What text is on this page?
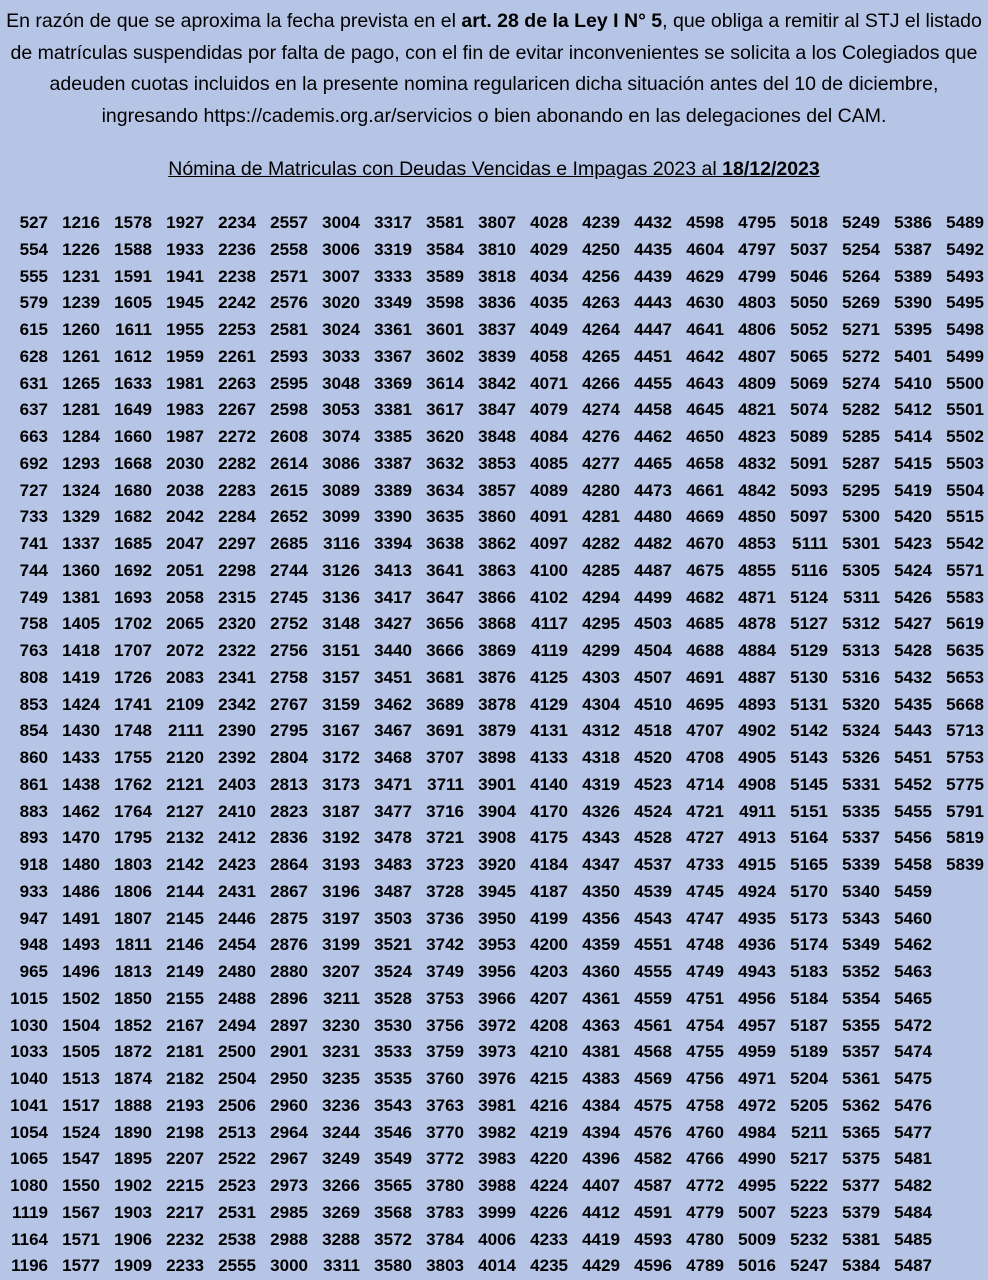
En razón de que se aproxima la fecha prevista en el art. 28 de la Ley I N° 5, que obliga a remitir al STJ el listado de matrículas suspendidas por falta de pago, con el fin de evitar inconvenientes se solicita a los Colegiados que adeuden cuotas incluidos en la presente nomina regularicen dicha situación antes del 10 de diciembre, ingresando https://cademis.org.ar/servicios o bien abonando en las delegaciones del CAM.

Nómina de Matriculas con Deudas Vencidas e Impagas 2023 al 18/12/2023
527
554
555
579
615
628
631
637
663
692
727
733
741
744
749
758
763
808
853
854
860
861
883
893
918
933
947
948
965
1015
1030
1033
1040
1041
1054
1065
1080
1119
1164
1196
1216
1226
1231
1239
1260
1261
1265
1281
1284
1293
1324
1329
1337
1360
1381
1405
1418
1419
1424
1430
1433
1438
1462
1470
1480
1486
1491
1493
1496
1502
1504
1505
1513
1517
1524
1547
1550
1567
1571
1577
1578
1588
1591
1605
1611
1612
1633
1649
1660
1668
1680
1682
1685
1692
1693
1702
1707
1726
1741
1748
1755
1762
1764
1795
1803
1806
1807
1811
1813
1850
1852
1872
1874
1888
1890
1895
1902
1903
1906
1909
1927
1933
1941
1945
1955
1959
1981
1983
1987
2030
2038
2042
2047
2051
2058
2065
2072
2083
2109
2111
2120
2121
2127
2132
2142
2144
2145
2146
2149
2155
2167
2181
2182
2193
2198
2207
2215
2217
2232
2233
2234
2236
2238
2242
2253
2261
2263
2267
2272
2282
2283
2284
2297
2298
2315
2320
2322
2341
2342
2390
2392
2403
2410
2412
2423
2431
2446
2454
2480
2488
2494
2500
2504
2506
2513
2522
2523
2531
2538
2555
2557
2558
2571
2576
2581
2593
2595
2598
2608
2614
2615
2652
2685
2744
2745
2752
2756
2758
2767
2795
2804
2813
2823
2836
2864
2867
2875
2876
2880
2896
2897
2901
2950
2960
2964
2967
2973
2985
2988
3000
3004
3006
3007
3020
3024
3033
3048
3053
3074
3086
3089
3099
3116
3126
3136
3148
3151
3157
3159
3167
3172
3173
3187
3192
3193
3196
3197
3199
3207
3211
3230
3231
3235
3236
3244
3249
3266
3269
3288
3311
3317
3319
3333
3349
3361
3367
3369
3381
3385
3387
3389
3390
3394
3413
3417
3427
3440
3451
3462
3467
3468
3471
3477
3478
3483
3487
3503
3521
3524
3528
3530
3533
3535
3543
3546
3549
3565
3568
3572
3580
3581
3584
3589
3598
3601
3602
3614
3617
3620
3632
3634
3635
3638
3641
3647
3656
3666
3681
3689
3691
3707
3711
3716
3721
3723
3728
3736
3742
3749
3753
3756
3759
3760
3763
3770
3772
3780
3783
3784
3803
3807
3810
3818
3836
3837
3839
3842
3847
3848
3853
3857
3860
3862
3863
3866
3868
3869
3876
3878
3879
3898
3901
3904
3908
3920
3945
3950
3953
3956
3966
3972
3973
3976
3981
3982
3983
3988
3999
4006
4014
4028
4029
4034
4035
4049
4058
4071
4079
4084
4085
4089
4091
4097
4100
4102
4117
4119
4125
4129
4131
4133
4140
4170
4175
4184
4187
4199
4200
4203
4207
4208
4210
4215
4216
4219
4220
4224
4226
4233
4235
4239
4250
4256
4263
4264
4265
4266
4274
4276
4277
4280
4281
4282
4285
4294
4295
4299
4303
4304
4312
4318
4319
4326
4343
4347
4350
4356
4359
4360
4361
4363
4381
4383
4384
4394
4396
4407
4412
4419
4429
4432
4435
4439
4443
4447
4451
4455
4458
4462
4465
4473
4480
4482
4487
4499
4503
4504
4507
4510
4518
4520
4523
4524
4528
4537
4539
4543
4551
4555
4559
4561
4568
4569
4575
4576
4582
4587
4591
4593
4596
4598
4604
4629
4630
4641
4642
4643
4645
4650
4658
4661
4669
4670
4675
4682
4685
4688
4691
4695
4707
4708
4714
4721
4727
4733
4745
4747
4748
4749
4751
4754
4755
4756
4758
4760
4766
4772
4779
4780
4789
4795
4797
4799
4803
4806
4807
4809
4821
4823
4832
4842
4850
4853
4855
4871
4878
4884
4887
4893
4902
4905
4908
4911
4913
4915
4924
4935
4936
4943
4956
4957
4959
4971
4972
4984
4990
4995
5007
5009
5016
5018
5037
5046
5050
5052
5065
5069
5074
5089
5091
5093
5097
5111
5116
5124
5127
5129
5130
5131
5142
5143
5145
5151
5164
5165
5170
5173
5174
5183
5184
5187
5189
5204
5205
5211
5217
5222
5223
5232
5247
5249
5254
5264
5269
5271
5272
5274
5282
5285
5287
5295
5300
5301
5305
5311
5312
5313
5316
5320
5324
5326
5331
5335
5337
5339
5340
5343
5349
5352
5354
5355
5357
5361
5362
5365
5375
5377
5379
5381
5384
5386
5387
5389
5390
5395
5401
5410
5412
5414
5415
5419
5420
5423
5424
5426
5427
5428
5432
5435
5443
5451
5452
5455
5456
5458
5459
5460
5462
5463
5465
5472
5474
5475
5476
5477
5481
5482
5484
5485
5487
5489
5492
5493
5495
5498
5499
5500
5501
5502
5503
5504
5515
5542
5571
5583
5619
5635
5653
5668
5713
5753
5775
5791
5819
5839
